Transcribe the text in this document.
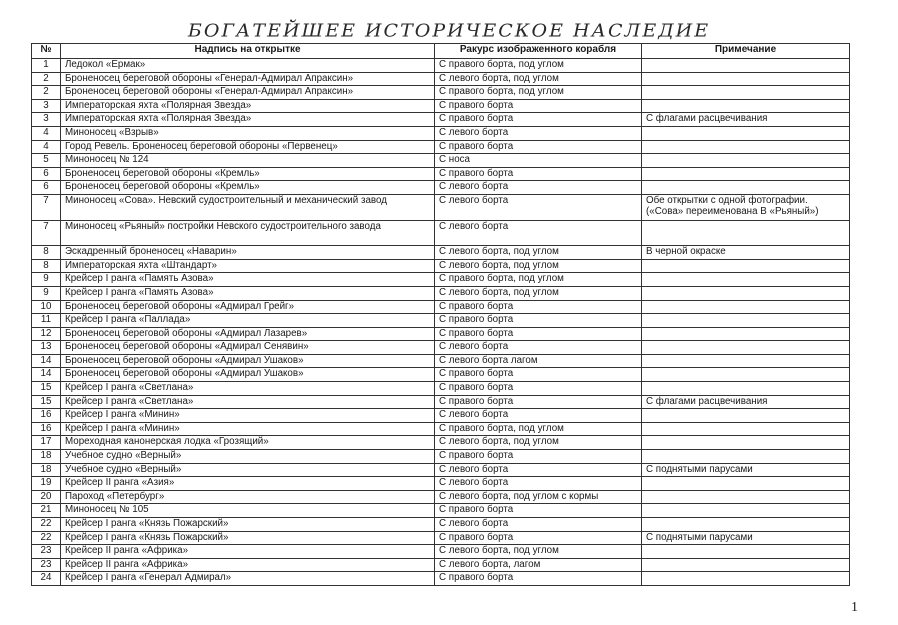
БОГАТЕЙШЕЕ ИСТОРИЧЕСКОЕ НАСЛЕДИЕ
№	Надпись на открытке	Ракурс изображенного корабля	Примечание
1	Ледокол «Ермак»	С правого борта, под углом	
2	Броненосец береговой обороны «Генерал-Адмирал Апраксин»	С левого борта, под углом	
2	Броненосец береговой обороны «Генерал-Адмирал Апраксин»	С правого борта, под углом	
3	Императорская яхта «Полярная Звезда»	С правого борта	
3	Императорская яхта «Полярная Звезда»	С правого борта	С флагами расцвечивания
4	Миноносец «Взрыв»	С левого борта	
4	Город Ревель. Броненосец береговой обороны «Первенец»	С правого борта	
5	Миноносец № 124	С носа	
6	Броненосец береговой обороны «Кремль»	С правого борта	
6	Броненосец береговой обороны «Кремль»	С левого борта	
7	Миноносец «Сова». Невский судостроительный и механический завод	С левого борта	Обе открытки с одной фотографии. («Сова» переименована В «Рьяный»)
7	Миноносец «Рьяный» постройки Невского судостроительного завода	С левого борта	
8	Эскадренный броненосец «Наварин»	С левого борта, под углом	В черной окраске
8	Императорская яхта «Штандарт»	С левого борта, под углом	
9	Крейсер I ранга «Память Азова»	С правого борта, под углом	
9	Крейсер I ранга «Память Азова»	С левого борта, под углом	
10	Броненосец береговой обороны «Адмирал Грейг»	С правого борта	
11	Крейсер I ранга «Паллада»	С правого борта	
12	Броненосец береговой обороны «Адмирал Лазарев»	С правого борта	
13	Броненосец береговой обороны «Адмирал Сенявин»	С левого борта	
14	Броненосец береговой обороны «Адмирал Ушаков»	С левого борта лагом	
14	Броненосец береговой обороны «Адмирал Ушаков»	С правого борта	
15	Крейсер I ранга «Светлана»	С правого борта	
15	Крейсер I ранга «Светлана»	С правого борта	С флагами расцвечивания
16	Крейсер I ранга «Минин»	С левого борта	
16	Крейсер I ранга «Минин»	С правого борта, под углом	
17	Мореходная канонерская лодка «Грозящий»	С левого борта, под углом	
18	Учебное судно «Верный»	С правого борта	
18	Учебное судно «Верный»	С левого борта	С поднятыми парусами
19	Крейсер II ранга «Азия»	С левого борта	
20	Пароход «Петербург»	С левого борта, под углом с кормы	
21	Миноносец № 105	С правого борта	
22	Крейсер I ранга «Князь Пожарский»	С левого борта	
22	Крейсер I ранга «Князь Пожарский»	С правого борта	С поднятыми парусами
23	Крейсер II ранга «Африка»	С левого борта, под углом	
23	Крейсер II ранга «Африка»	С левого борта, лагом	
24	Крейсер I ранга «Генерал Адмирал»	С правого борта	
1
